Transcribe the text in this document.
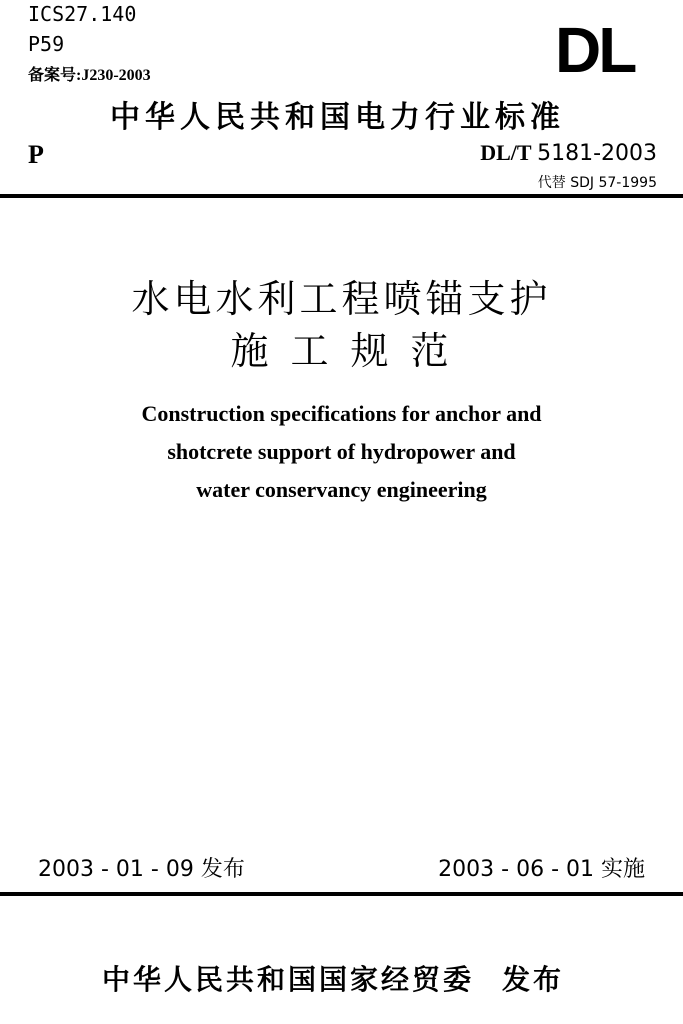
ICS27.140
P59
备案号:J230-2003	DL
中华人民共和国电力行业标准
P	DL/T 5181-2003
代替 SDJ 57-1995
水电水利工程喷锚支护
施工规范
Construction specifications for anchor and
shotcrete support of hydropower and
water conservancy engineering
2003 - 01 - 09 发布	2003 - 06 - 01 实施
中华人民共和国国家经贸委 发布
